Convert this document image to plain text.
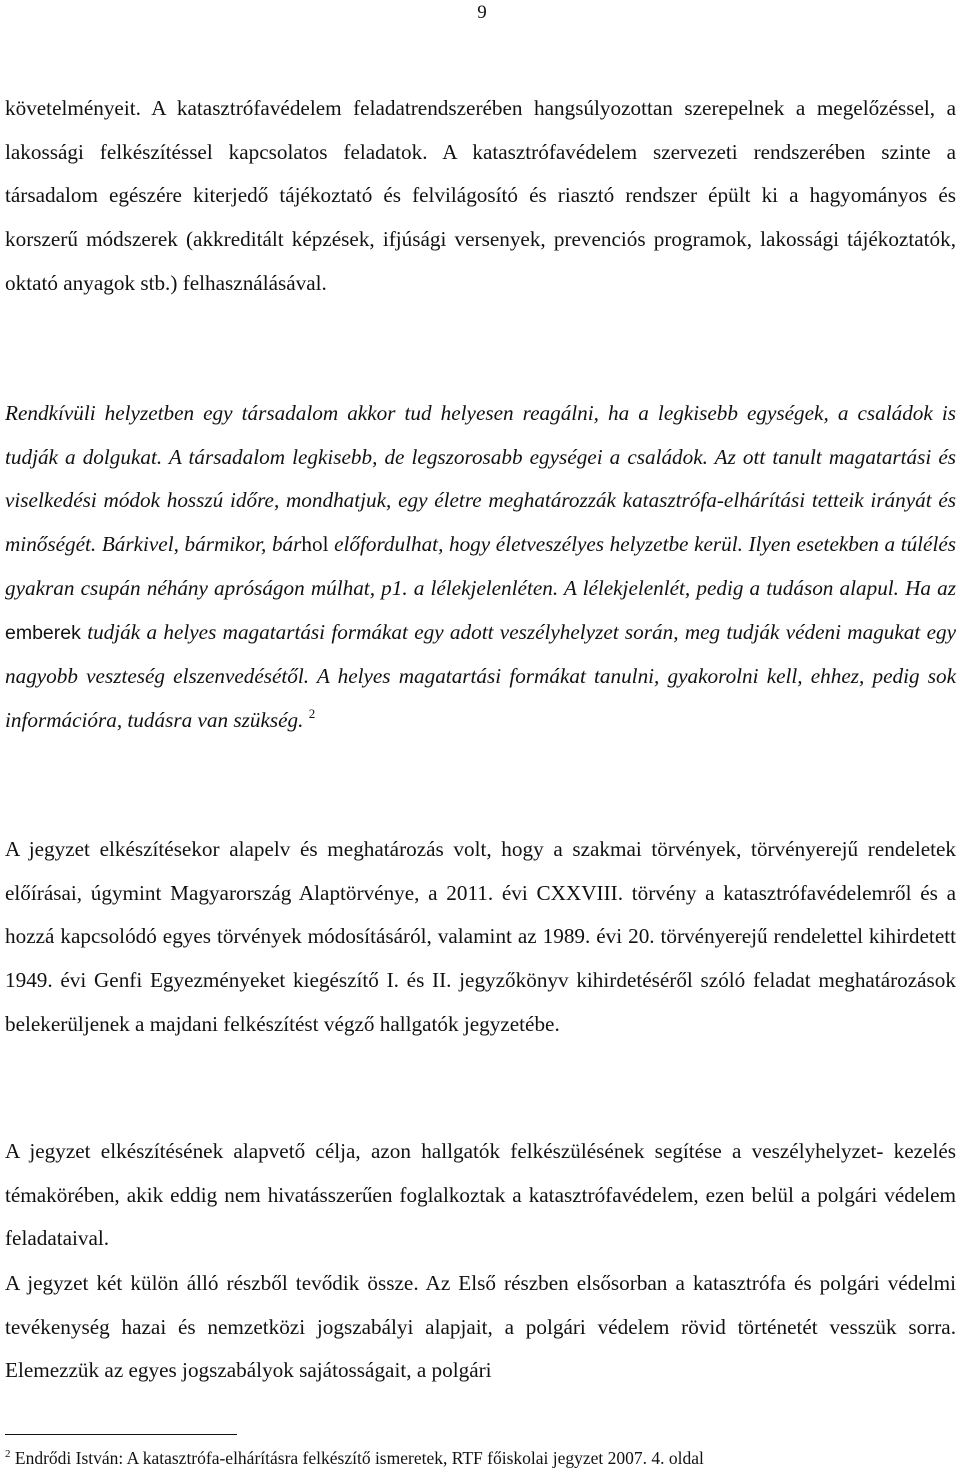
9

követelményeit. A katasztrófavédelem feladatrendszerében hangsúlyozottan szerepelnek a megelőzéssel, a lakossági felkészítéssel kapcsolatos feladatok. A katasztrófavédelem szervezeti rendszerében szinte a társadalom egészére kiterjedő tájékoztató és felvilágosító és riasztó rendszer épült ki a hagyományos és korszerű módszerek (akkreditált képzések, ifjúsági versenyek, prevenciós programok, lakossági tájékoztatók, oktató anyagok stb.) felhasználásával.

Rendkívüli helyzetben egy társadalom akkor tud helyesen reagálni, ha a legkisebb egységek, a családok is tudják a dolgukat. A társadalom legkisebb, de legszorosabb egységei a családok. Az ott tanult magatartási és viselkedési módok hosszú időre, mondhatjuk, egy életre meghatározzák katasztrófa-elhárítási tetteik irányát és minőségét. Bárkivel, bármikor, bárhol előfordulhat, hogy életveszélyes helyzetbe kerül. Ilyen esetekben a túlélés gyakran csupán néhány apróságon múlhat, p1. a lélekjelenléten. A lélekjelenlét, pedig a tudáson alapul. Ha az emberek tudják a helyes magatartási formákat egy adott veszélyhelyzet során, meg tudják védeni magukat egy nagyobb veszteség elszenvedésétől. A helyes magatartási formákat tanulni, gyakorolni kell, ehhez, pedig sok információra, tudásra van szükség. $^2$

A jegyzet elkészítésekor alapelv és meghatározás volt, hogy a szakmai törvények, törvényerejű rendeletek előírásai, úgymint Magyarország Alaptörvénye, a 2011. évi CXXVIII. törvény a katasztrófavédelemről és a hozzá kapcsolódó egyes törvények módosításáról, valamint az 1989. évi 20. törvényerejű rendelettel kihirdetett 1949. évi Genfi Egyezményeket kiegészítő I. és II. jegyzőkönyv kihirdetéséről szóló feladat meghatározások belekerüljenek a majdani felkészítést végző hallgatók jegyzetébe.

A jegyzet elkészítésének alapvető célja, azon hallgatók felkészülésének segítése a veszélyhelyzet- kezelés témakörében, akik eddig nem hivatásszerűen foglalkoztak a katasztrófavédelem, ezen belül a polgári védelem feladataival.

A jegyzet két külön álló részből tevődik össze. Az Első részben elsősorban a katasztrófa és polgári védelmi tevékenység hazai és nemzetközi jogszabályi alapjait, a polgári védelem rövid történetét vesszük sorra. Elemezzük az egyes jogszabályok sajátosságait, a polgári

$^2$ Endrődi István: A katasztrófa-elhárításra felkészítő ismeretek, RTF főiskolai jegyzet 2007. 4. oldal
